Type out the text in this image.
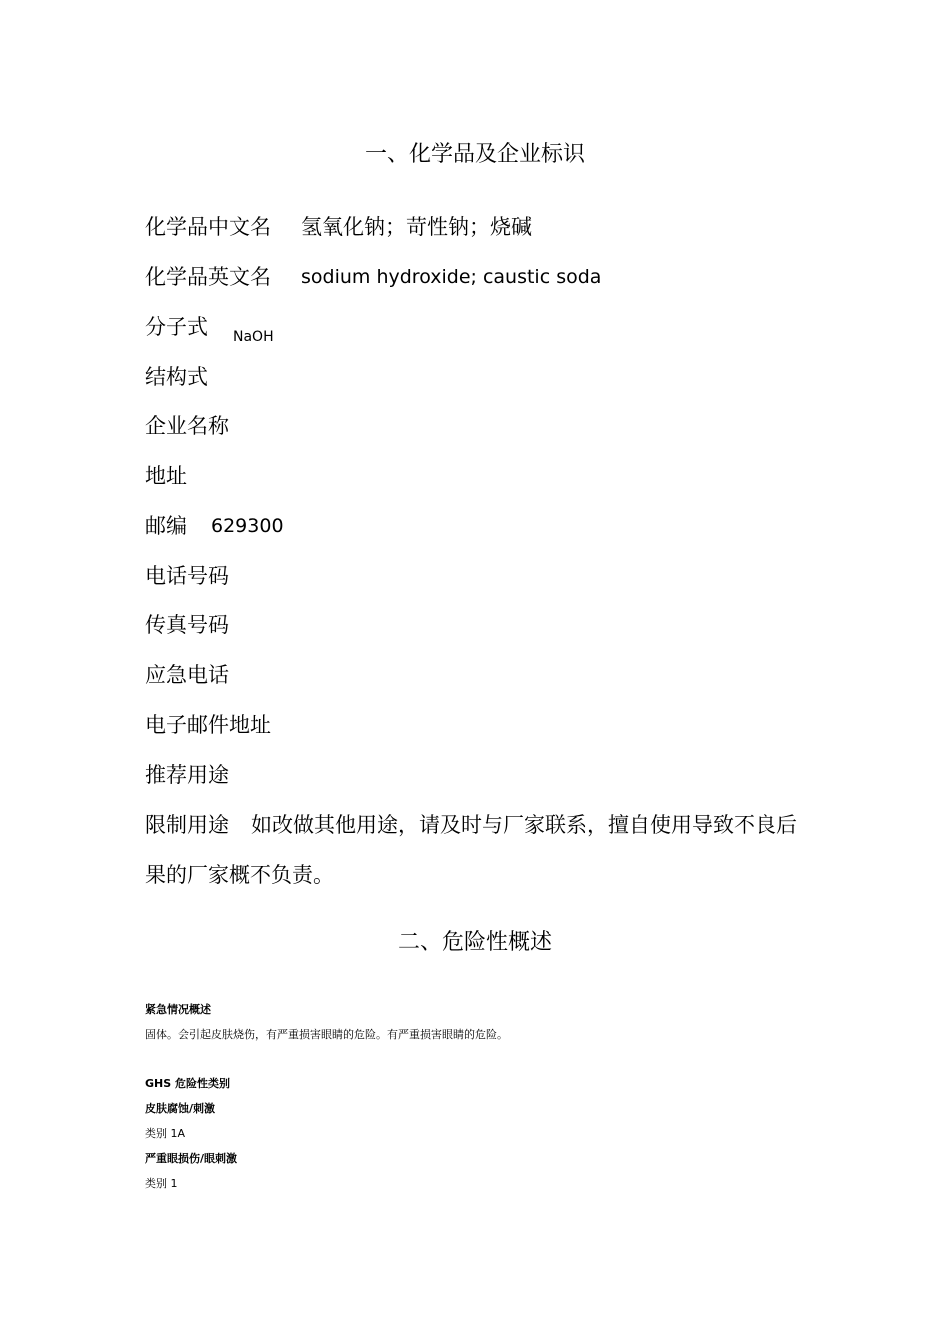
一、化学品及企业标识
化学品中文名 氢氧化钠；苛性钠；烧碱
化学品英文名 sodium hydroxide; caustic soda
分子式 NaOH
结构式
企业名称
地址
邮编 629300
电话号码
传真号码
应急电话
电子邮件地址
推荐用途
限制用途 如改做其他用途，请及时与厂家联系，擅自使用导致不良后果的厂家概不负责。
二、危险性概述
紧急情况概述
固体。会引起皮肤烧伤，有严重损害眼睛的危险。有严重损害眼睛的危险。
GHS 危险性类别
皮肤腐蚀/刺激
类别 1A
严重眼损伤/眼刺激
类别 1
